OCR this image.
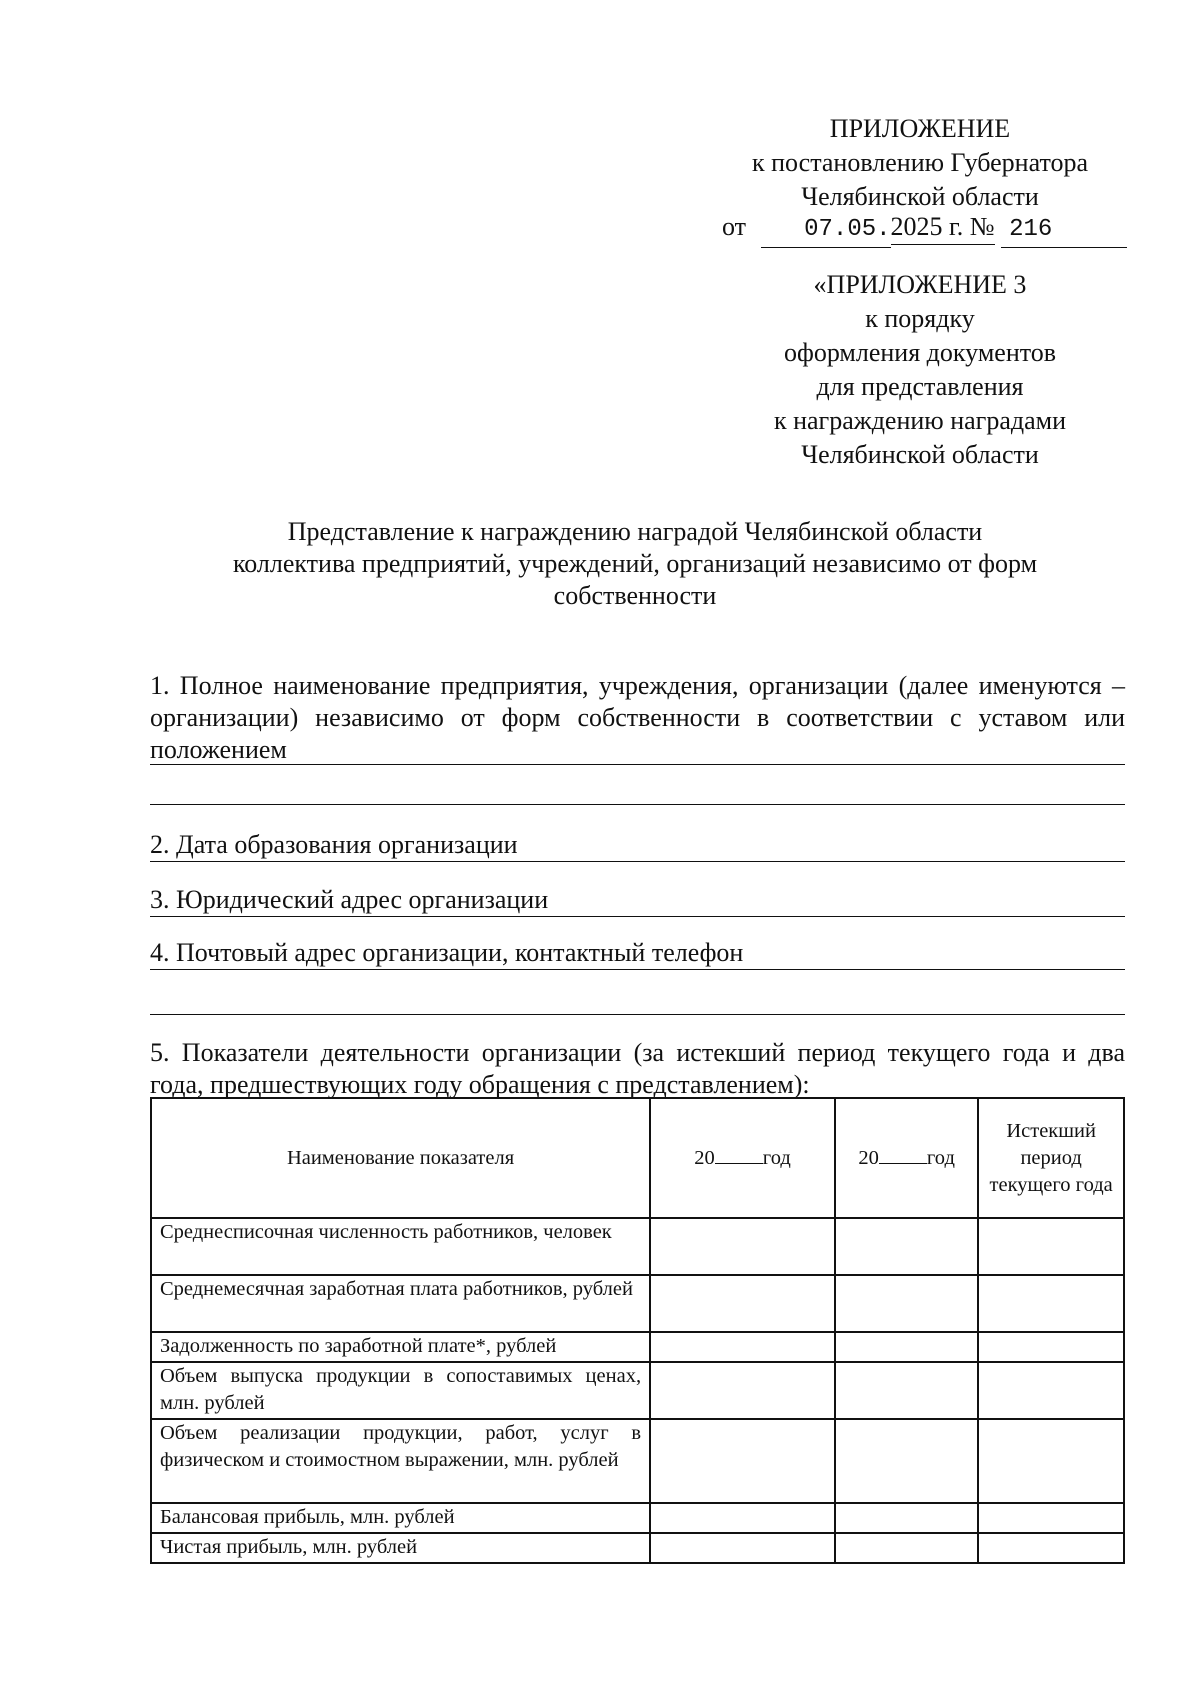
ПРИЛОЖЕНИЕ
к постановлению Губернатора
Челябинской области
от 07.05.2025 г. № 216
«ПРИЛОЖЕНИЕ 3
к порядку
оформления документов
для представления
к награждению наградами
Челябинской области
Представление к награждению наградой Челябинской области
коллектива предприятий, учреждений, организаций независимо от форм
собственности
1. Полное наименование предприятия, учреждения, организации (далее именуются – организации) независимо от форм собственности в соответствии с уставом или положением
2. Дата образования организации
3. Юридический адрес организации
4. Почтовый адрес организации, контактный телефон
5. Показатели деятельности организации (за истекший период текущего года и два года, предшествующих году обращения с представлением):
Наименование показателя	20 год	20 год	Истекший период текущего года
Среднесписочная численность работников, человек			
Среднемесячная заработная плата работников, рублей			
Задолженность по заработной плате*, рублей			
Объем выпуска продукции в сопоставимых ценах, млн. рублей			
Объем реализации продукции, работ, услуг в физическом и стоимостном выражении, млн. рублей			
Балансовая прибыль, млн. рублей			
Чистая прибыль, млн. рублей			
